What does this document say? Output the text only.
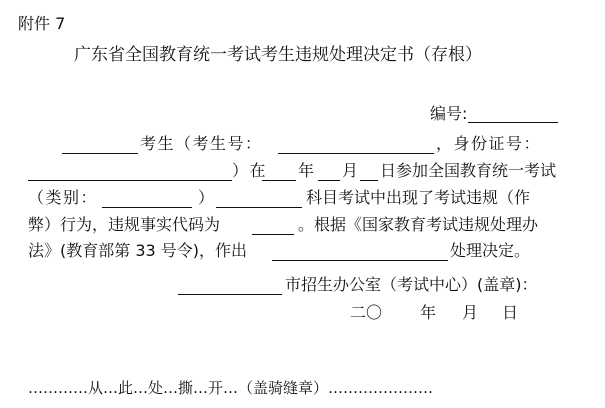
附件 7
广东省全国教育统一考试考生违规处理决定书（存根）
编号:
考生（考生号：	，身份证号：
）在 年 月 日参加全国教育统一考试
（类别：	）	科目考试中出现了考试违规（作
弊）行为，违规事实代码为	。根据《国家教育考试违规处理办
法》(教育部第 33 号令)，作出	处理决定。
市招生办公室（考试中心）(盖章)：
二〇 年 月 日
…………从…此…处…撕…开…（盖骑缝章）…………………
